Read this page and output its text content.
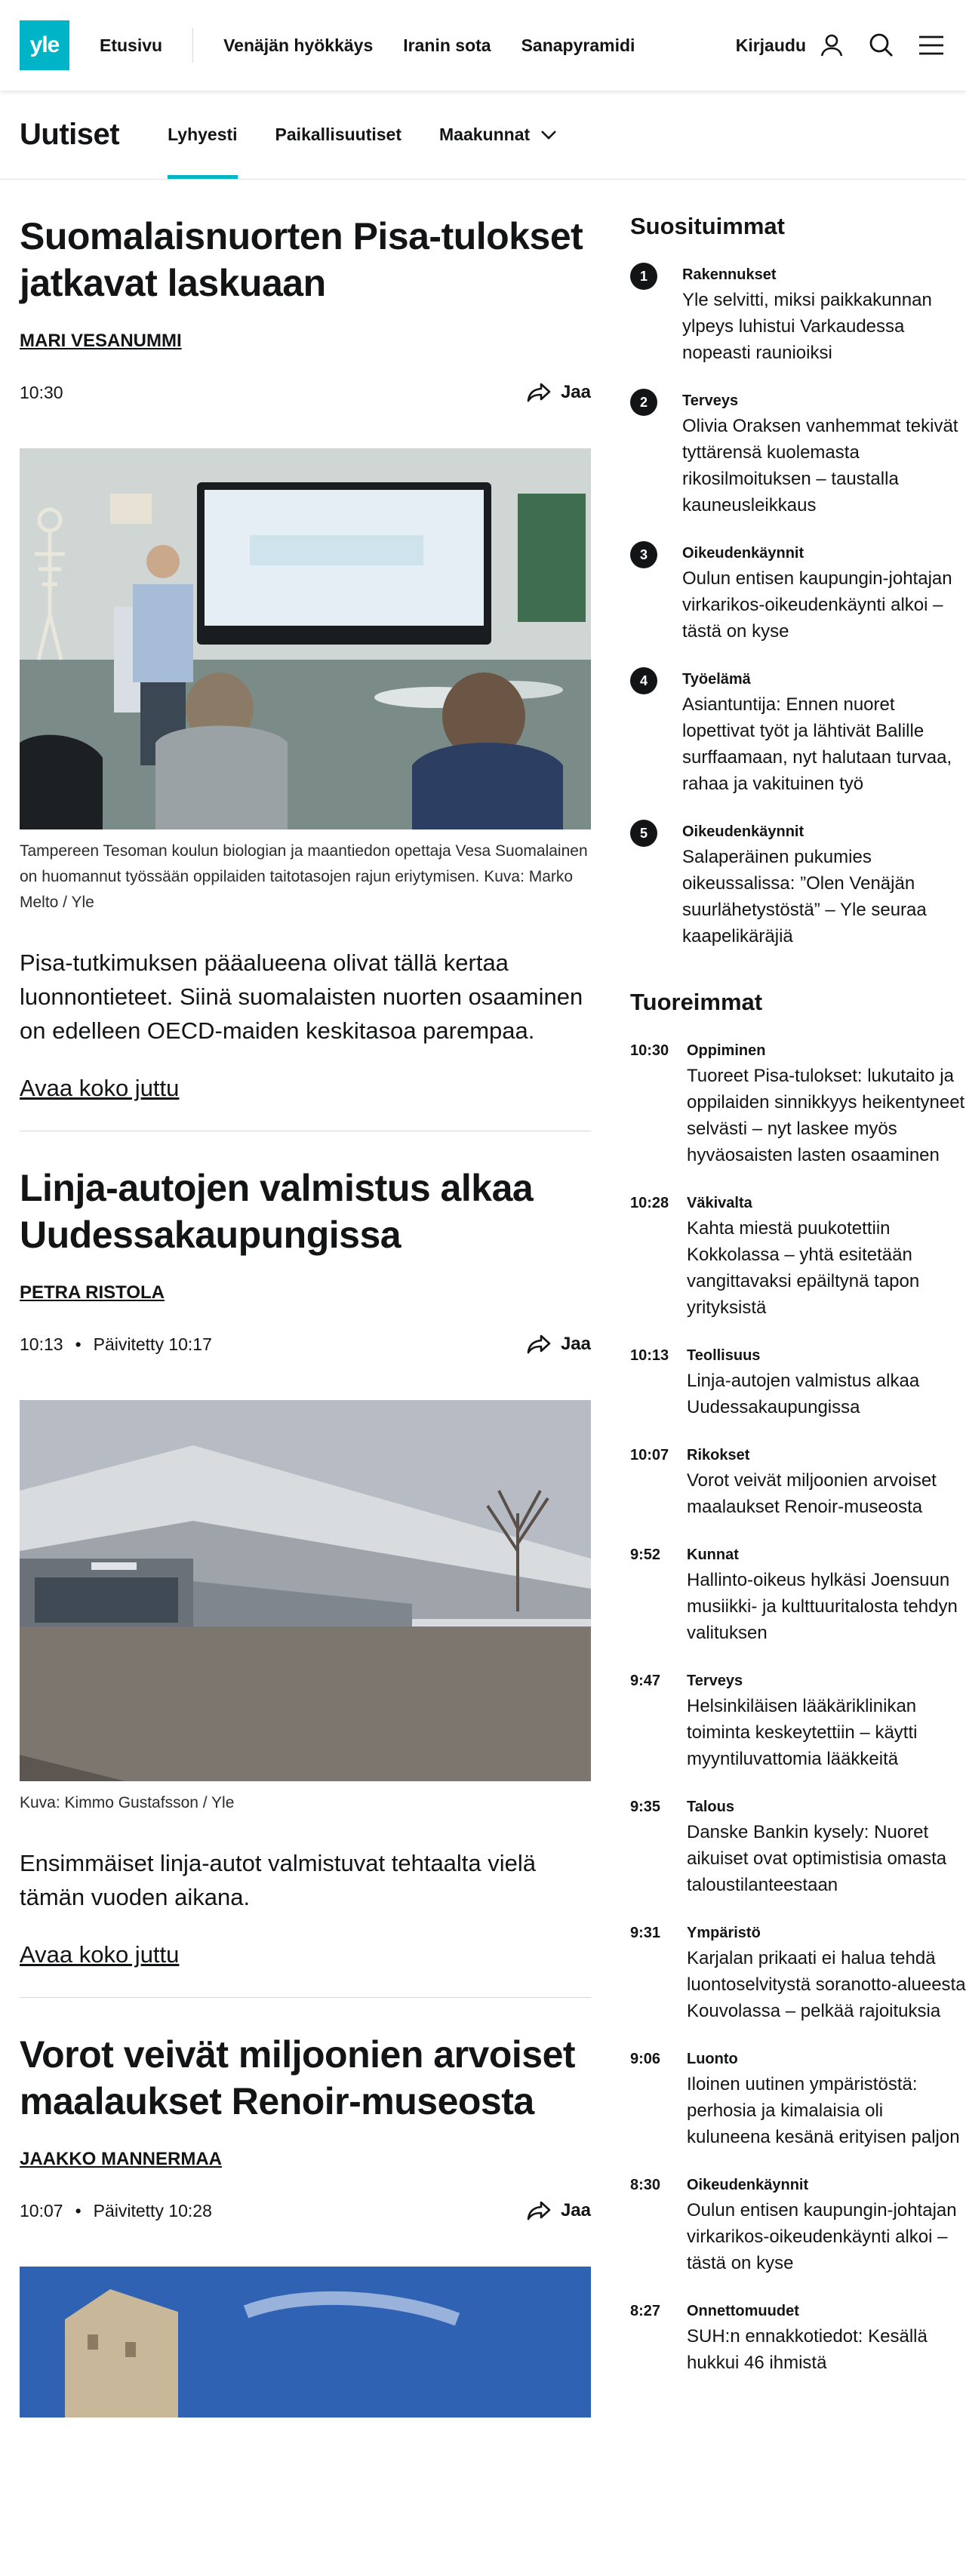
yle Etusivu	Venäjän hyökkäys Iranin sota Sanapyramidi	Kirjaudu
Uutiset	Lyhyesti Paikallisuutiset Maakunnat
Suomalaisnuorten Pisa-tulokset jatkavat laskuaan
MARI VESANUMMI
10:30	Jaa

Tampereen Tesoman koulun biologian ja maantiedon opettaja Vesa Suomalainen on huomannut työssään oppilaiden taitotasojen rajun eriytymisen. Kuva: Marko Melto / Yle

Pisa-tutkimuksen pääalueena olivat tällä kertaa luonnontieteet. Siinä suomalaisten nuorten osaaminen on edelleen OECD-maiden keskitasoa parempaa.

Avaa koko juttu
Linja-autojen valmistus alkaa Uudessakaupungissa
PETRA RISTOLA
10:13 • Päivitetty 10:17	Jaa

Kuva: Kimmo Gustafsson / Yle

Ensimmäiset linja-autot valmistuvat tehtaalta vielä tämän vuoden aikana.

Avaa koko juttu
Vorot veivät miljoonien arvoiset maalaukset Renoir-museosta
JAAKKO MANNERMAA
10:07 • Päivitetty 10:28	Jaa
Suosituimmat
1	Rakennukset
Yle selvitti, miksi paikkakunnan ylpeys luhistui Varkaudessa nopeasti raunioiksi
2	Terveys
Olivia Oraksen vanhemmat tekivät tyttärensä kuolemasta rikosilmoituksen – taustalla kauneusleikkaus
3	Oikeudenkäynnit
Oulun entisen kaupungin-johtajan virkarikos-oikeudenkäynti alkoi – tästä on kyse
4	Työelämä
Asiantuntija: Ennen nuoret lopettivat työt ja lähtivät Balille surffaamaan, nyt halutaan turvaa, rahaa ja vakituinen työ
5	Oikeudenkäynnit
Salaperäinen pukumies oikeussalissa: ”Olen Venäjän suurlähetystöstä” – Yle seuraa kaapelikäräjiä
Tuoreimmat
10:30	Oppiminen
Tuoreet Pisa-tulokset: lukutaito ja oppilaiden sinnikkyys heikentyneet selvästi – nyt laskee myös hyväosaisten lasten osaaminen
10:28	Väkivalta
Kahta miestä puukotettiin Kokkolassa – yhtä esitetään vangittavaksi epäiltynä tapon yrityksistä
10:13	Teollisuus
Linja-autojen valmistus alkaa Uudessakaupungissa
10:07	Rikokset
Vorot veivät miljoonien arvoiset maalaukset Renoir-museosta
9:52	Kunnat
Hallinto-oikeus hylkäsi Joensuun musiikki- ja kulttuuritalosta tehdyn valituksen
9:47	Terveys
Helsinkiläisen lääkäriklinikan toiminta keskeytettiin – käytti myyntiluvattomia lääkkeitä
9:35	Talous
Danske Bankin kysely: Nuoret aikuiset ovat optimistisia omasta taloustilanteestaan
9:31	Ympäristö
Karjalan prikaati ei halua tehdä luontoselvitystä soranotto-alueesta Kouvolassa – pelkää rajoituksia
9:06	Luonto
Iloinen uutinen ympäristöstä: perhosia ja kimalaisia oli kuluneena kesänä erityisen paljon
8:30	Oikeudenkäynnit
Oulun entisen kaupungin-johtajan virkarikos-oikeudenkäynti alkoi – tästä on kyse
8:27	Onnettomuudet
SUH:n ennakkotiedot: Kesällä hukkui 46 ihmistä
